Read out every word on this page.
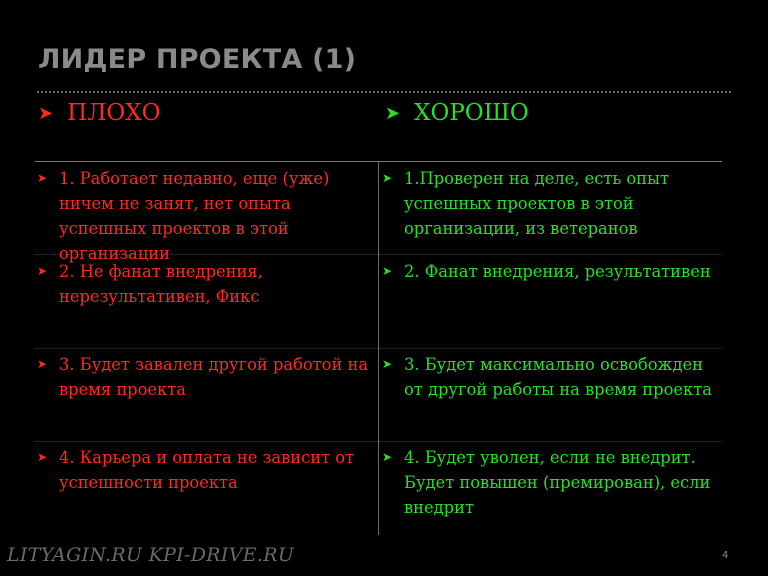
ЛИДЕР ПРОЕКТА (1)
➤ ПЛОХО	➤ ХОРОШО
➤ 1. Работает недавно, еще (уже) ничем не занят, нет опыта успешных проектов в этой организации
➤ 1.Проверен на деле, есть опыт успешных проектов в этой организации, из ветеранов
➤ 2. Не фанат внедрения, нерезультативен, Фикс
➤ 2. Фанат внедрения, результативен
➤ 3. Будет завален другой работой на время проекта
➤ 3. Будет максимально освобожден от другой работы на время проекта
➤ 4. Карьера и оплата не зависит от успешности проекта
➤ 4. Будет уволен, если не внедрит. Будет повышен (премирован), если внедрит
LITYAGIN.RU KPI-DRIVE.RU	4
